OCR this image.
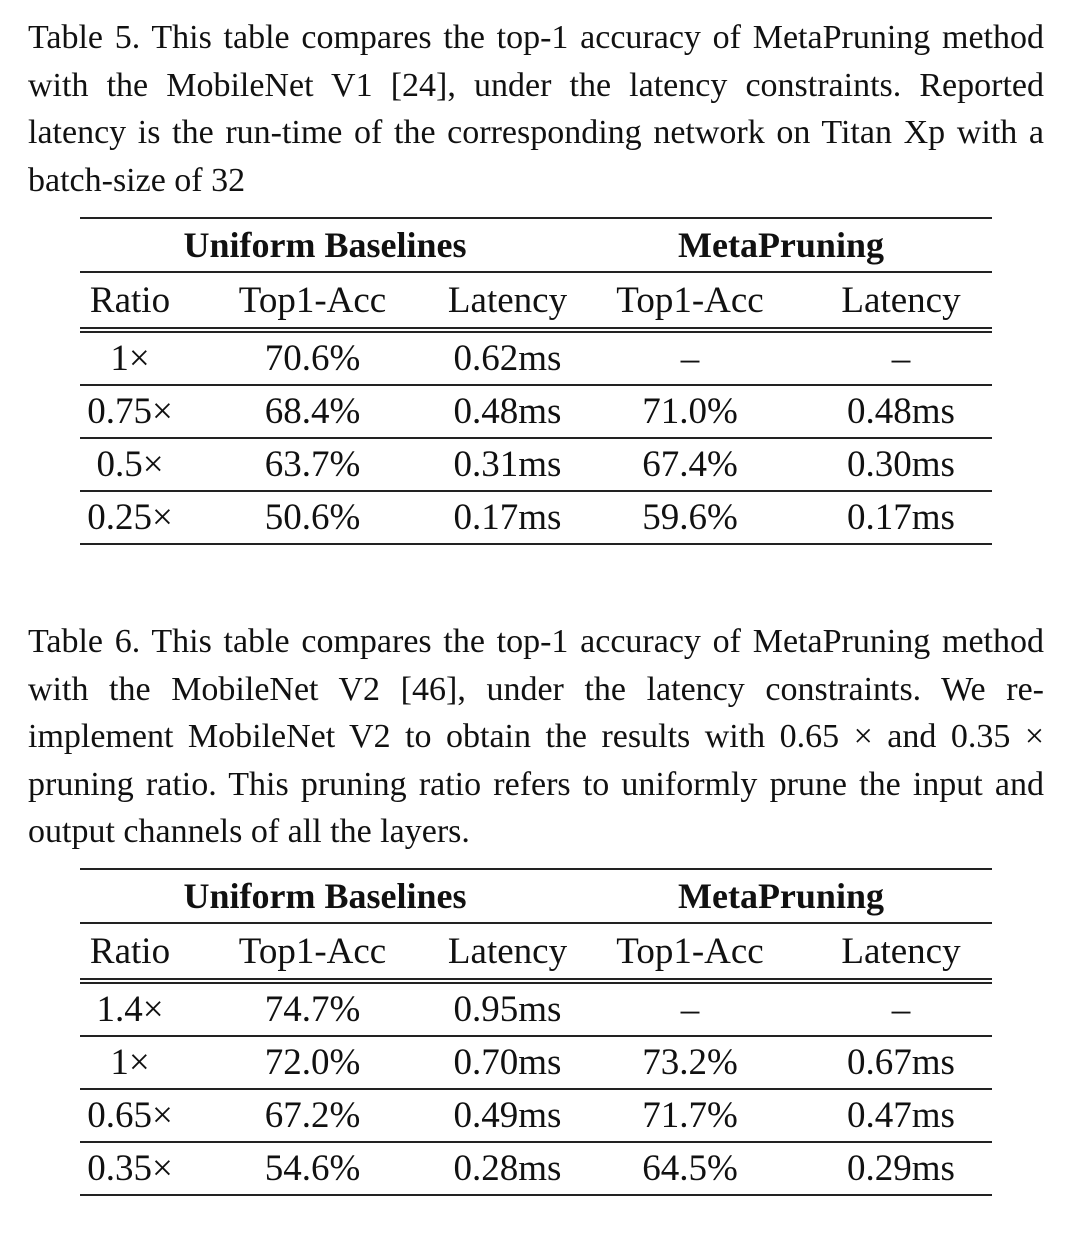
Table 5. This table compares the top-1 accuracy of MetaPruning method with the MobileNet V1 [24], under the latency constraints. Reported latency is the run-time of the corresponding network on Titan Xp with a batch-size of 32

Uniform Baselines			MetaPruning	
Ratio	Top1-Acc	Latency	Top1-Acc	Latency
1×	70.6%	0.62ms	–	–
0.75×	68.4%	0.48ms	71.0%	0.48ms
0.5×	63.7%	0.31ms	67.4%	0.30ms
0.25×	50.6%	0.17ms	59.6%	0.17ms

Table 6. This table compares the top-1 accuracy of MetaPruning method with the MobileNet V2 [46], under the latency constraints. We re-implement MobileNet V2 to obtain the results with 0.65 × and 0.35 × pruning ratio. This pruning ratio refers to uniformly prune the input and output channels of all the layers.

Uniform Baselines			MetaPruning	
Ratio	Top1-Acc	Latency	Top1-Acc	Latency
1.4×	74.7%	0.95ms	–	–
1×	72.0%	0.70ms	73.2%	0.67ms
0.65×	67.2%	0.49ms	71.7%	0.47ms
0.35×	54.6%	0.28ms	64.5%	0.29ms
